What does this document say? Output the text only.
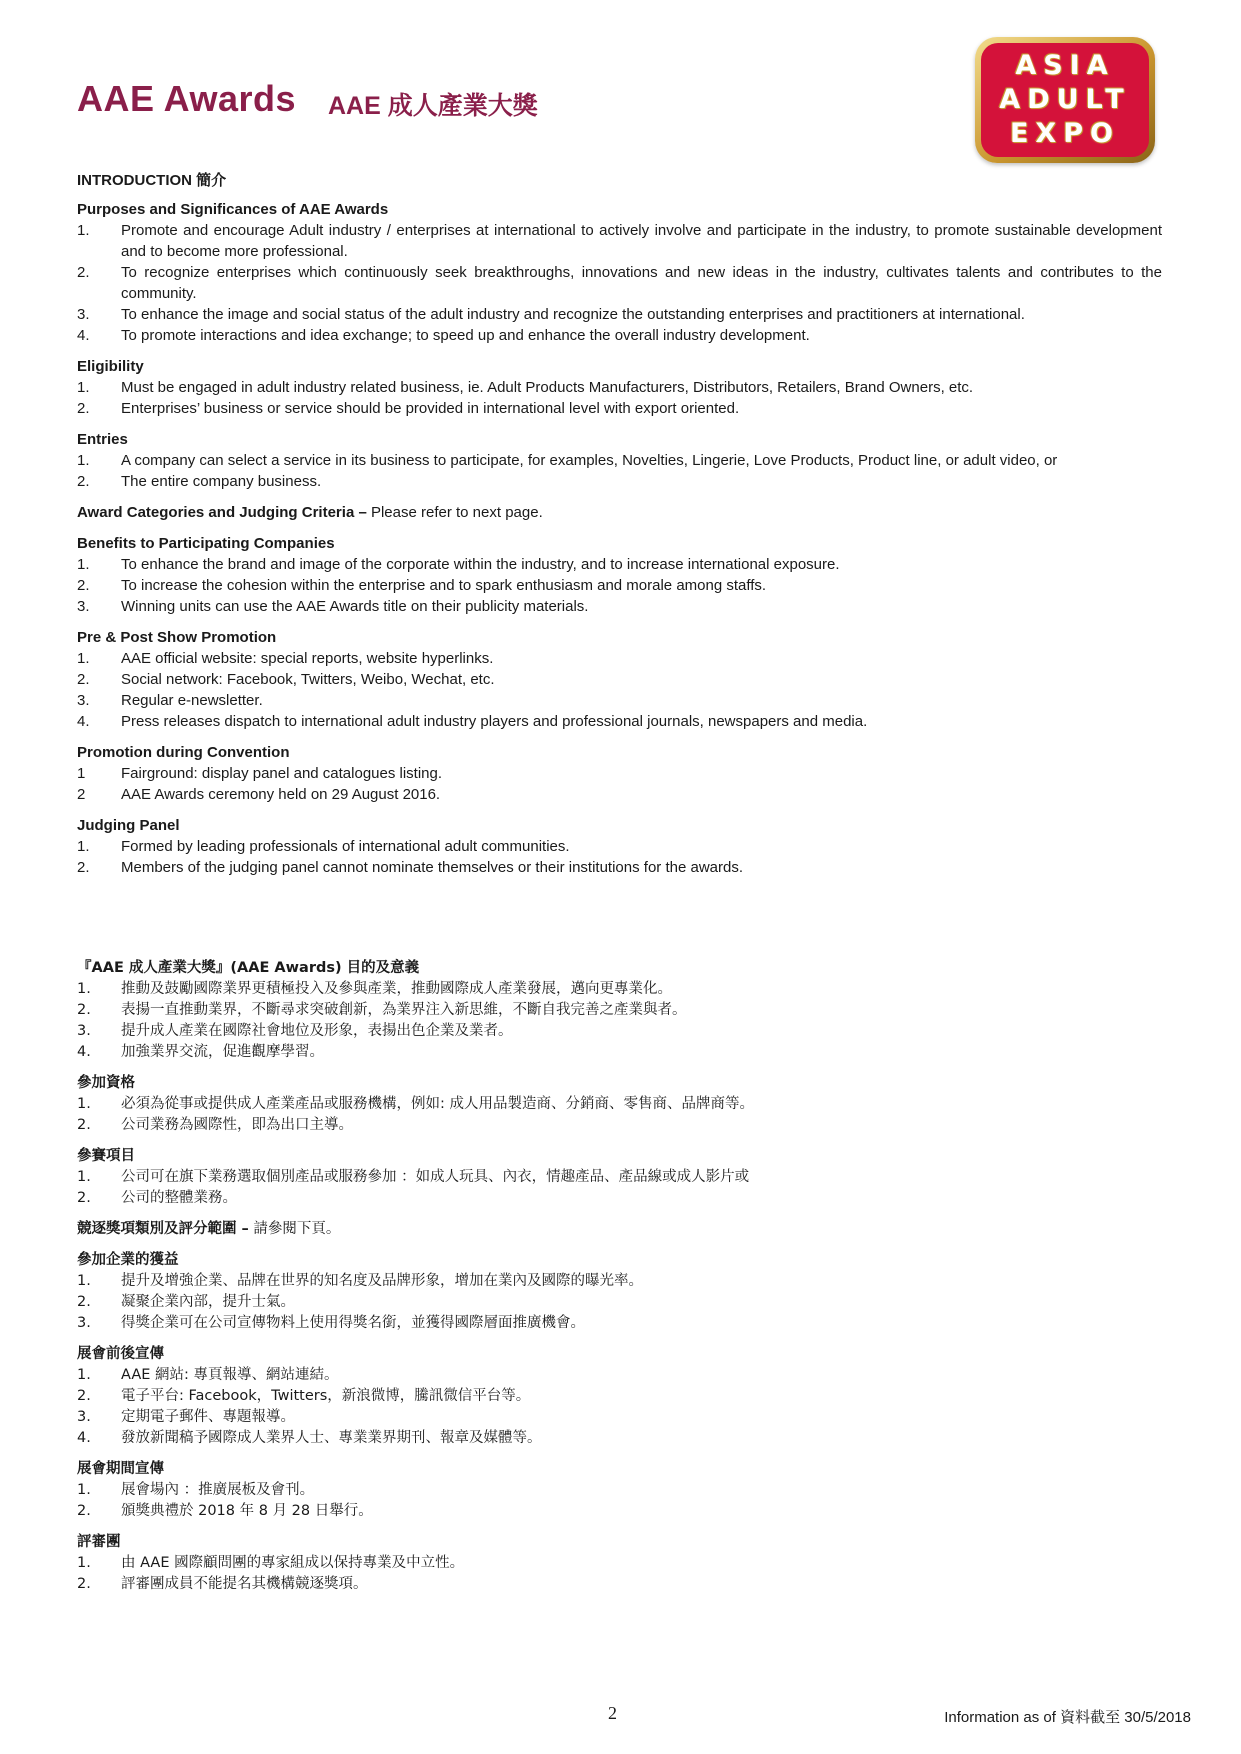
AAE Awards AAE 成人產業大獎
ASIA
ADULT
EXPO

INTRODUCTION 簡介

Purposes and Significances of AAE Awards

1.	Promote and encourage Adult industry / enterprises at international to actively involve and participate in the industry, to promote sustainable development and to become more professional.
2.	To recognize enterprises which continuously seek breakthroughs, innovations and new ideas in the industry, cultivates talents and contributes to the community.
3.	To enhance the image and social status of the adult industry and recognize the outstanding enterprises and practitioners at international.
4.	To promote interactions and idea exchange; to speed up and enhance the overall industry development.

Eligibility

1.	Must be engaged in adult industry related business, ie. Adult Products Manufacturers, Distributors, Retailers, Brand Owners, etc.
2.	Enterprises’ business or service should be provided in international level with export oriented.

Entries

1.	A company can select a service in its business to participate, for examples, Novelties, Lingerie, Love Products, Product line, or adult video, or
2.	The entire company business.

Award Categories and Judging Criteria – Please refer to next page.

Benefits to Participating Companies

1.	To enhance the brand and image of the corporate within the industry, and to increase international exposure.
2.	To increase the cohesion within the enterprise and to spark enthusiasm and morale among staffs.
3.	Winning units can use the AAE Awards title on their publicity materials.

Pre & Post Show Promotion

1.	AAE official website: special reports, website hyperlinks.
2.	Social network: Facebook, Twitters, Weibo, Wechat, etc.
3.	Regular e-newsletter.
4.	Press releases dispatch to international adult industry players and professional journals, newspapers and media.

Promotion during Convention

1	Fairground: display panel and catalogues listing.
2	AAE Awards ceremony held on 29 August 2016.

Judging Panel

1.	Formed by leading professionals of international adult communities.
2.	Members of the judging panel cannot nominate themselves or their institutions for the awards.

『AAE 成人產業大獎』(AAE Awards) 目的及意義

1.	推動及鼓勵國際業界更積極投入及參與產業，推動國際成人產業發展，邁向更專業化。
2.	表揚一直推動業界，不斷尋求突破創新，為業界注入新思維，不斷自我完善之產業與者。
3.	提升成人產業在國際社會地位及形象，表揚出色企業及業者。
4.	加強業界交流，促進觀摩學習。

參加資格

1.	必須為從事或提供成人產業產品或服務機構，例如: 成人用品製造商、分銷商、零售商、品牌商等。
2.	公司業務為國際性，即為出口主導。

參賽項目

1.	公司可在旗下業務選取個別產品或服務參加 ：如成人玩具、內衣，情趣產品、產品線或成人影片或
2.	公司的整體業務。

競逐獎項類別及評分範圍 – 請參閱下頁。

參加企業的獲益

1.	提升及增強企業、品牌在世界的知名度及品牌形象，增加在業內及國際的曝光率。
2.	凝聚企業內部，提升士氣。
3.	得獎企業可在公司宣傳物料上使用得獎名銜，並獲得國際層面推廣機會。

展會前後宣傳

1.	AAE 網站: 專頁報導、網站連結。
2.	電子平台: Facebook，Twitters，新浪微博，騰訊微信平台等。
3.	定期電子郵件、專題報導。
4.	發放新聞稿予國際成人業界人士、專業業界期刊、報章及媒體等。

展會期間宣傳

1.	展會場內 ：推廣展板及會刊。
2.	頒獎典禮於 2018 年 8 月 28 日舉行。

評審團

1.	由 AAE 國際顧問團的專家組成以保持專業及中立性。
2.	評審團成員不能提名其機構競逐獎項。
2	Information as of 資料截至 30/5/2018
